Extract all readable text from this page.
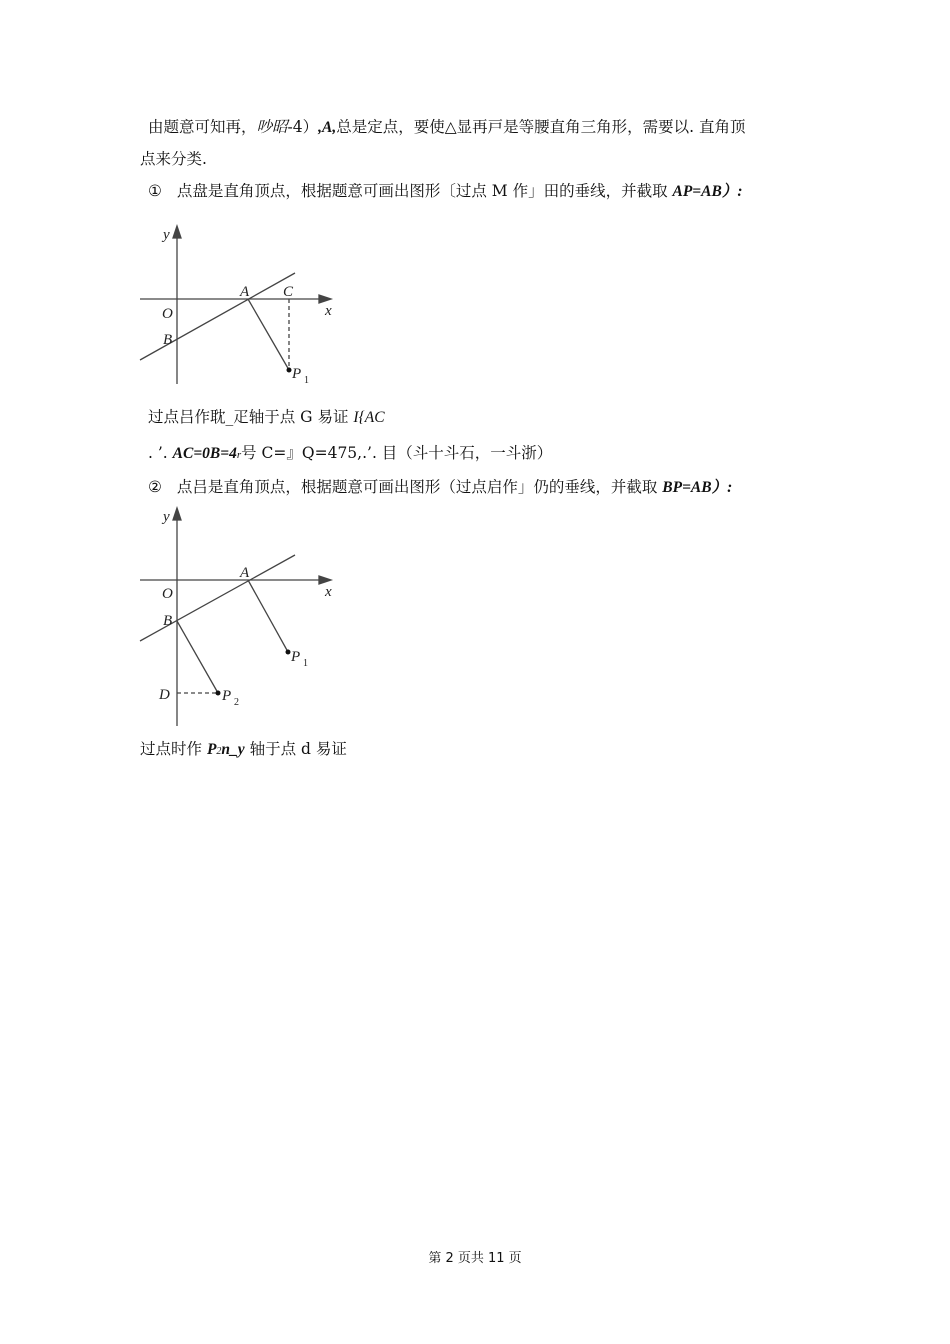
由题意可知再，吵昭-4）,A,总是定点，要使△显再戸是等腰直角三角形，需要以. 直角顶
点来分类.
① 点盘是直角顶点，根据题意可画出图形〔过点 M 作」田的垂线，并截取 AP=AB）:
y
x
O
A
B
C
P 1
过点吕作耽_疋轴于点 G 易证 I{AC
. ’. AC=0B=4r号 C=』Q=475,.’. 目（斗十斗石，一斗浙）
② 点吕是直角顶点，根据题意可画出图形（过点启作」仍的垂线，并截取 BP=AB）:
y
x
O
A
B
D
P 1
P 2
过点时作 P2n_y 轴于点 d 易证
第 2 页共 11 页
